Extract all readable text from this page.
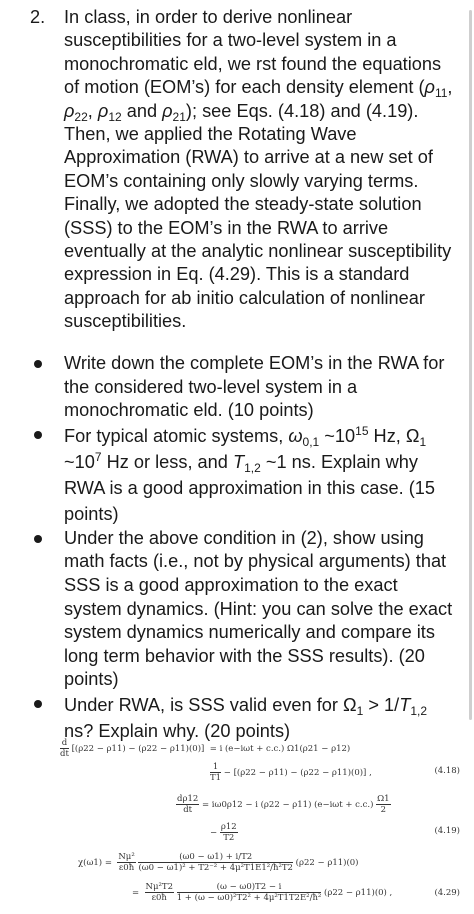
2. In class, in order to derive nonlinear susceptibilities for a two-level system in a monochromatic eld, we rst found the equations of motion (EOM’s) for each density element ($\rho_{11}$, $\rho_{22}$, $\rho_{12}$ and $\rho_{21}$); see Eqs. (4.18) and (4.19). Then, we applied the Rotating Wave Approximation (RWA) to arrive at a new set of EOM’s containing only slowly varying terms. Finally, we adopted the steady-state solution (SSS) to the EOM’s in the RWA to arrive eventually at the analytic nonlinear susceptibility expression in Eq. (4.29). This is a standard approach for ab initio calculation of nonlinear susceptibilities.
Write down the complete EOM’s in the RWA for the considered two-level system in a monochromatic eld. (10 points)
For typical atomic systems, $\omega_{0,1}$ $\sim 10^{15}$ Hz, $\Omega_1$
$\sim 10^7$ Hz or less, and $T_{1,2}$ ~1 ns. Explain why RWA is a good approximation in this case. (15 points)
Under the above condition in (2), show using math facts (i.e., not by physical arguments) that SSS is a good approximation to the exact system dynamics. (Hint: you can solve the exact system dynamics numerically and compare its long term behavior with the SSS results). (20 points)
Under RWA, is SSS valid even for $\Omega_1 > 1/T_{1,2}$
ns? Explain why. (20 points)
$\frac{d}{dt} [(\rho 22 - \rho 11) - (\rho 22 - \rho 11)(0)] = i$ (e−iωt + c.c.) Ω1(ρ21 − ρ12)
$\frac{1}{T1} - [(\rho 22 - \rho 11) - (\rho 22 - \rho 11)(0)]$ ,	(4.18)
$\frac{d\rho 12}{dt} = i\omega 0\rho 12 - i$ (ρ22 − ρ11) $(e-i\omega t + c.c.) \frac{\Omega 1}{2}$
− $\frac{\rho 12}{T2}$	(4.19)
$\chi(\omega 1) = \frac{\text{Nμ²}}{\varepsilon 0ħ}$
$\frac{(\omega 0 - \omega 1) + i/T2}{\text{(ω0 − ω1)² + T2⁻² + 4μ²T1E1²/ħ²T2}} (\rho 22 - \rho 11)(0)$
= $\frac{\text{Nμ²T2}}{\varepsilon 0ħ}$
$\frac{(\omega - \omega 0)T2 - i}{\text{1 + (ω − ω0)²T2² + 4μ²T1T2E²/ħ²}} (\rho 22 - \rho 11)(0)$ ,	(4.29)
